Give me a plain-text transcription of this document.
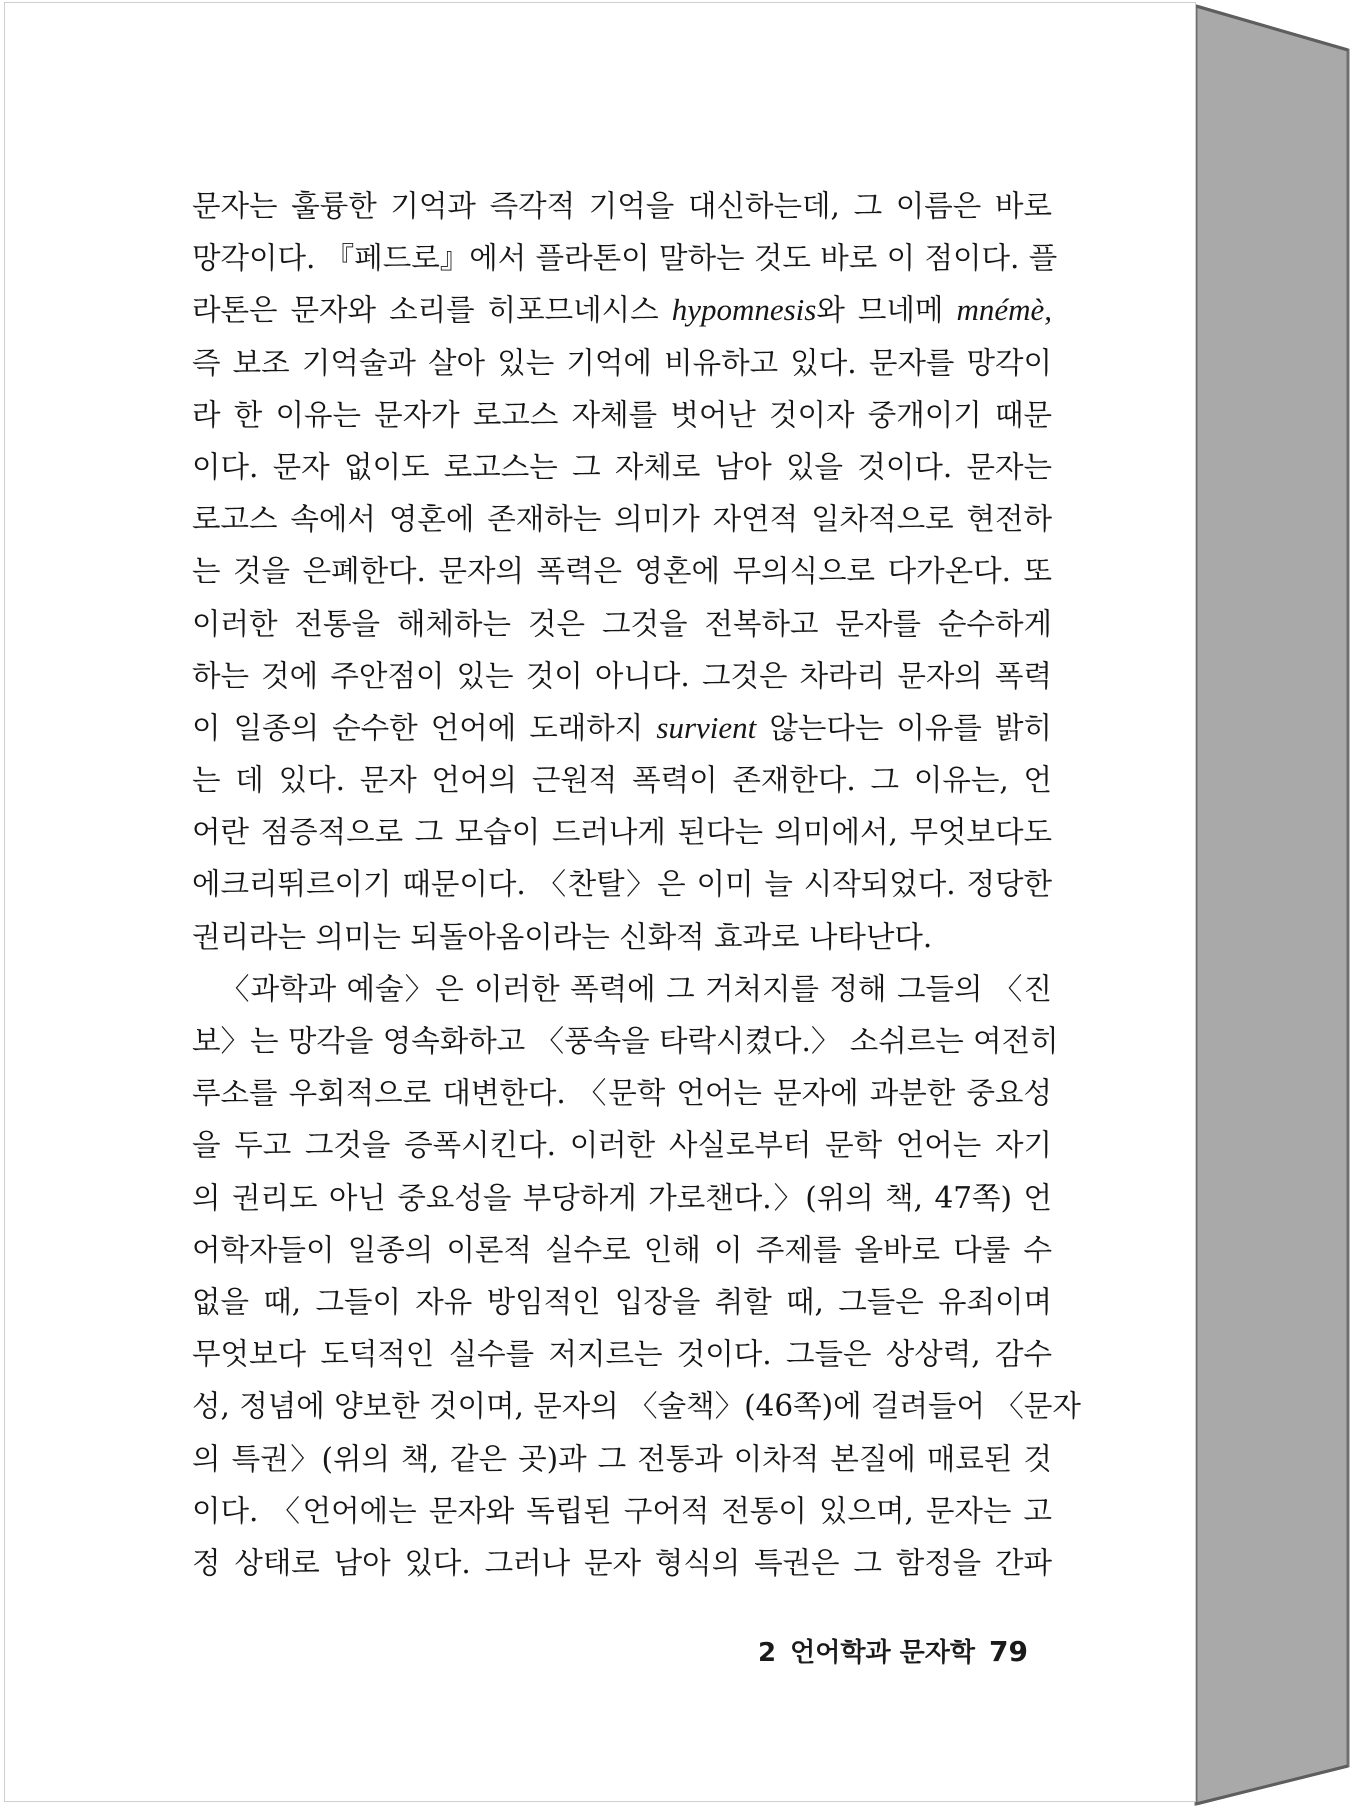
문자는 훌륭한 기억과 즉각적 기억을 대신하는데, 그 이름은 바로
망각이다. 『페드로』에서 플라톤이 말하는 것도 바로 이 점이다. 플
라톤은 문자와 소리를 히포므네시스 hypomnesis와 므네메 mnémè,
즉 보조 기억술과 살아 있는 기억에 비유하고 있다. 문자를 망각이
라 한 이유는 문자가 로고스 자체를 벗어난 것이자 중개이기 때문
이다. 문자 없이도 로고스는 그 자체로 남아 있을 것이다. 문자는
로고스 속에서 영혼에 존재하는 의미가 자연적 일차적으로 현전하
는 것을 은폐한다. 문자의 폭력은 영혼에 무의식으로 다가온다. 또
이러한 전통을 해체하는 것은 그것을 전복하고 문자를 순수하게
하는 것에 주안점이 있는 것이 아니다. 그것은 차라리 문자의 폭력
이 일종의 순수한 언어에 도래하지 survient 않는다는 이유를 밝히
는 데 있다. 문자 언어의 근원적 폭력이 존재한다. 그 이유는, 언
어란 점증적으로 그 모습이 드러나게 된다는 의미에서, 무엇보다도
에크리뛰르이기 때문이다. 〈찬탈〉은 이미 늘 시작되었다. 정당한
권리라는 의미는 되돌아옴이라는 신화적 효과로 나타난다.
〈과학과 예술〉은 이러한 폭력에 그 거처지를 정해 그들의 〈진
보〉는 망각을 영속화하고 〈풍속을 타락시켰다.〉 소쉬르는 여전히
루소를 우회적으로 대변한다. 〈문학 언어는 문자에 과분한 중요성
을 두고 그것을 증폭시킨다. 이러한 사실로부터 문학 언어는 자기
의 권리도 아닌 중요성을 부당하게 가로챈다.〉(위의 책, 47쪽) 언
어학자들이 일종의 이론적 실수로 인해 이 주제를 올바로 다룰 수
없을 때, 그들이 자유 방임적인 입장을 취할 때, 그들은 유죄이며
무엇보다 도덕적인 실수를 저지르는 것이다. 그들은 상상력, 감수
성, 정념에 양보한 것이며, 문자의 〈술책〉(46쪽)에 걸려들어 〈문자
의 특권〉(위의 책, 같은 곳)과 그 전통과 이차적 본질에 매료된 것
이다. 〈언어에는 문자와 독립된 구어적 전통이 있으며, 문자는 고
정 상태로 남아 있다. 그러나 문자 형식의 특권은 그 함정을 간파
2 언어학과 문자학 79
